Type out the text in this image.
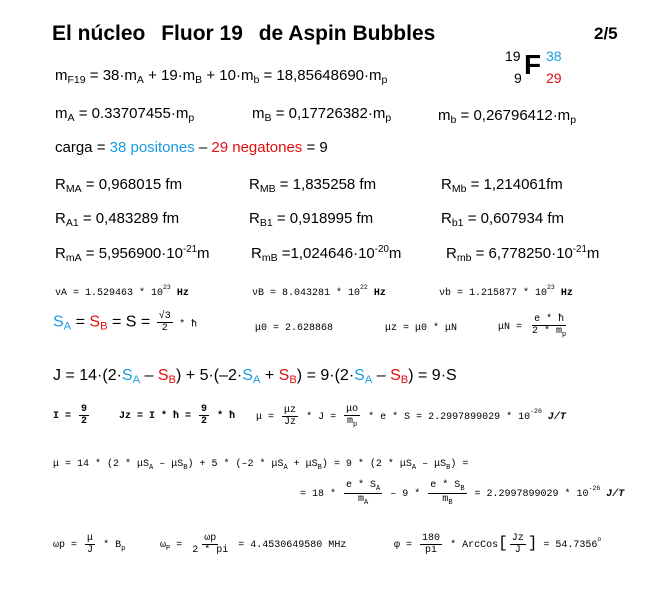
El núcleo Fluor 19 de Aspin Bubbles	2/5
19
9 F 38
29
$m_{F19} = 38\cdot m_A + 19\cdot m_B + 10\cdot m_b = 18,85648690\cdot m_p$
$m_A = 0.33707455\cdot m_p$	$m_B = 0,17726382\cdot m_p$	$m_b = 0,26796412\cdot m_p$
carga = 38 positones – 29 negatones = 9
$R_{MA} = 0,968015$ fm	$R_{MB} = 1,835258$ fm	$R_{Mb} = 1,214061fm$
$R_{A1} = 0,483289$ fm	$R_{B1} = 0,918995$ fm	$R_{b1} = 0,607934$ fm
$R_{mA} = 5,956900\cdot 10^{-21}m$	$R_{mB} =1,024646\cdot 10^{-20}m$	$R_{mb} = 6,778250\cdot 10^{-21}m$
$\nu A = 1.529463 * 10^{23}$ Hz	$\nu B = 8.043281 * 10^{22}$ Hz	$\nu b = 1.215877 * 10^{23}$ Hz
$S_A = S_B = S = \frac{√3}{2}$ * ħ	μ0 = 2.628868	μz = μ0 * μN	$\mu N = \frac{e * ħ}{2 * m_p}$
$J = 14\cdot(2\cdot S_A - S_B) + 5\cdot(-2\cdot S_A + S_B) = 9\cdot(2\cdot S_A - S_B) = 9\cdot S$
$I = \frac{9}{2}$	Jz = I * ħ = $\frac{9}{2}$ * ħ $\mu = \frac{\mu z}{Jz} * J = \frac{\mu o}{m_p} * e * S = 2.2997899029 * 10^{-26}$ J/T
$\mu = 14 * (2 * \mu S_A - \mu S_B) + 5 * (-2 * \mu S_A + \mu S_B) = 9 * (2 * \mu S_A - \mu S_B)$ =
= $18 * \frac{e * S_A}{m_A} - 9 * \frac{e * S_B}{m_B} = 2.2997899029 * 10^{-26}$ J/T
$\omega p = \frac{\mu}{J} * B_p$	$\omega_P = \frac{\omega p}{2 * pi} = 4.4530649580$ MHz	$\varphi = \frac{180}{pi}$ * ArcCos[ $\frac{Jz}{J}$ ] = $54.7356^o$
